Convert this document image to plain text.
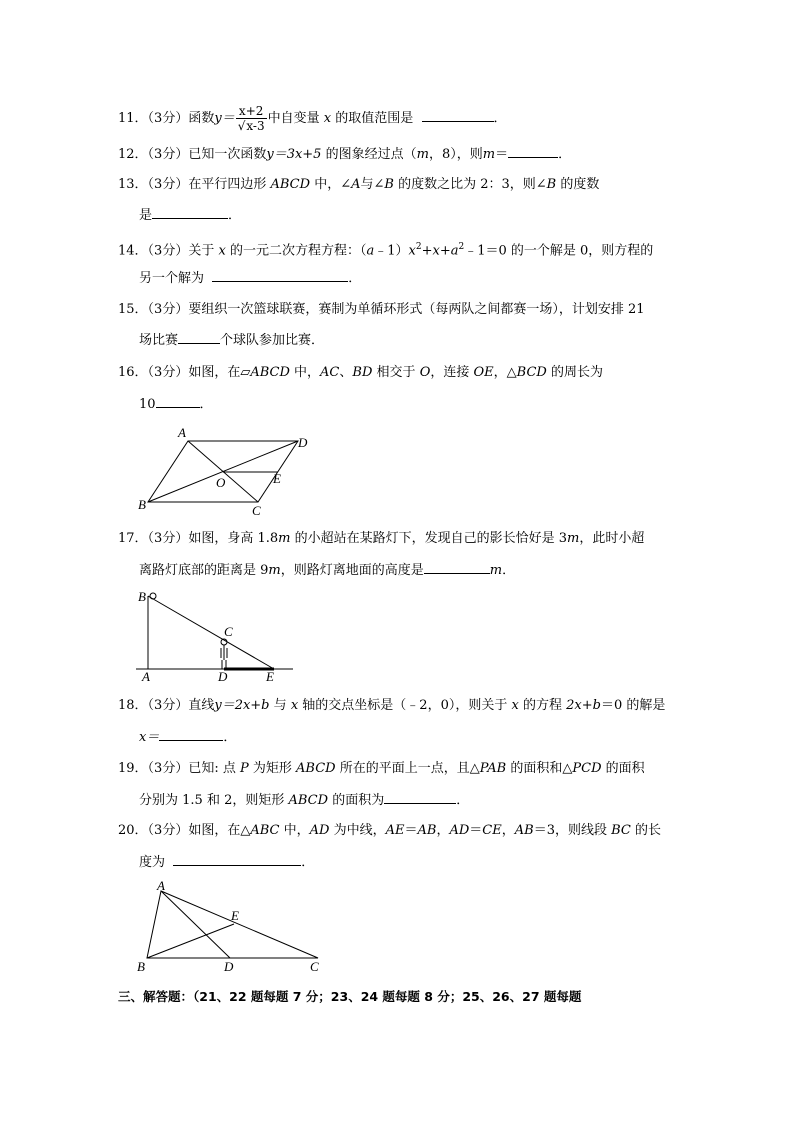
11．（3分）函数$y= \frac{x+2}{√x-3}$ 中自变量 x 的取值范围是	．
12．（3分）已知一次函数y＝3x+5 的图象经过点（m，8），则m＝	．
13．（3分）在平行四边形 ABCD 中，∠A与∠B 的度数之比为 2：3，则∠B 的度数
是	．
14．（3分）关于 x 的一元二次方程方程：$(a﹣1)x^2+x+a^2﹣1=0$ 的一个解是 0，则方程的
另一个解为	．
15．（3分）要组织一次篮球联赛，赛制为单循环形式（每两队之间都赛一场），计划安排 21
场比赛	个球队参加比赛．
16．（3分）如图，在▱ABCD 中，AC、BD 相交于 O，连接 OE，△BCD 的周长为
10	．
A
D
O	E
B	C
17．（3分）如图，身高 1.8m 的小超站在某路灯下，发现自己的影长恰好是 3m，此时小超
离路灯底部的距离是 9m，则路灯离地面的高度是	m．
B
C
A	D	E
18．（3分）直线y＝2x+b 与 x 轴的交点坐标是（﹣2，0），则关于 x 的方程 2x+b＝0 的解是
x＝	．
19．（3分）已知: 点 P 为矩形 ABCD 所在的平面上一点，且△PAB 的面积和△PCD 的面积
分别为 1.5 和 2，则矩形 ABCD 的面积为	．
20．（3分）如图，在△ABC 中，AD 为中线，AE＝AB，AD＝CE，AB＝3，则线段 BC 的长
度为	．
A
E
B	D	C
三、解答题：（21、22 题每题 7 分；23、24 题每题 8 分；25、26、27 题每题
